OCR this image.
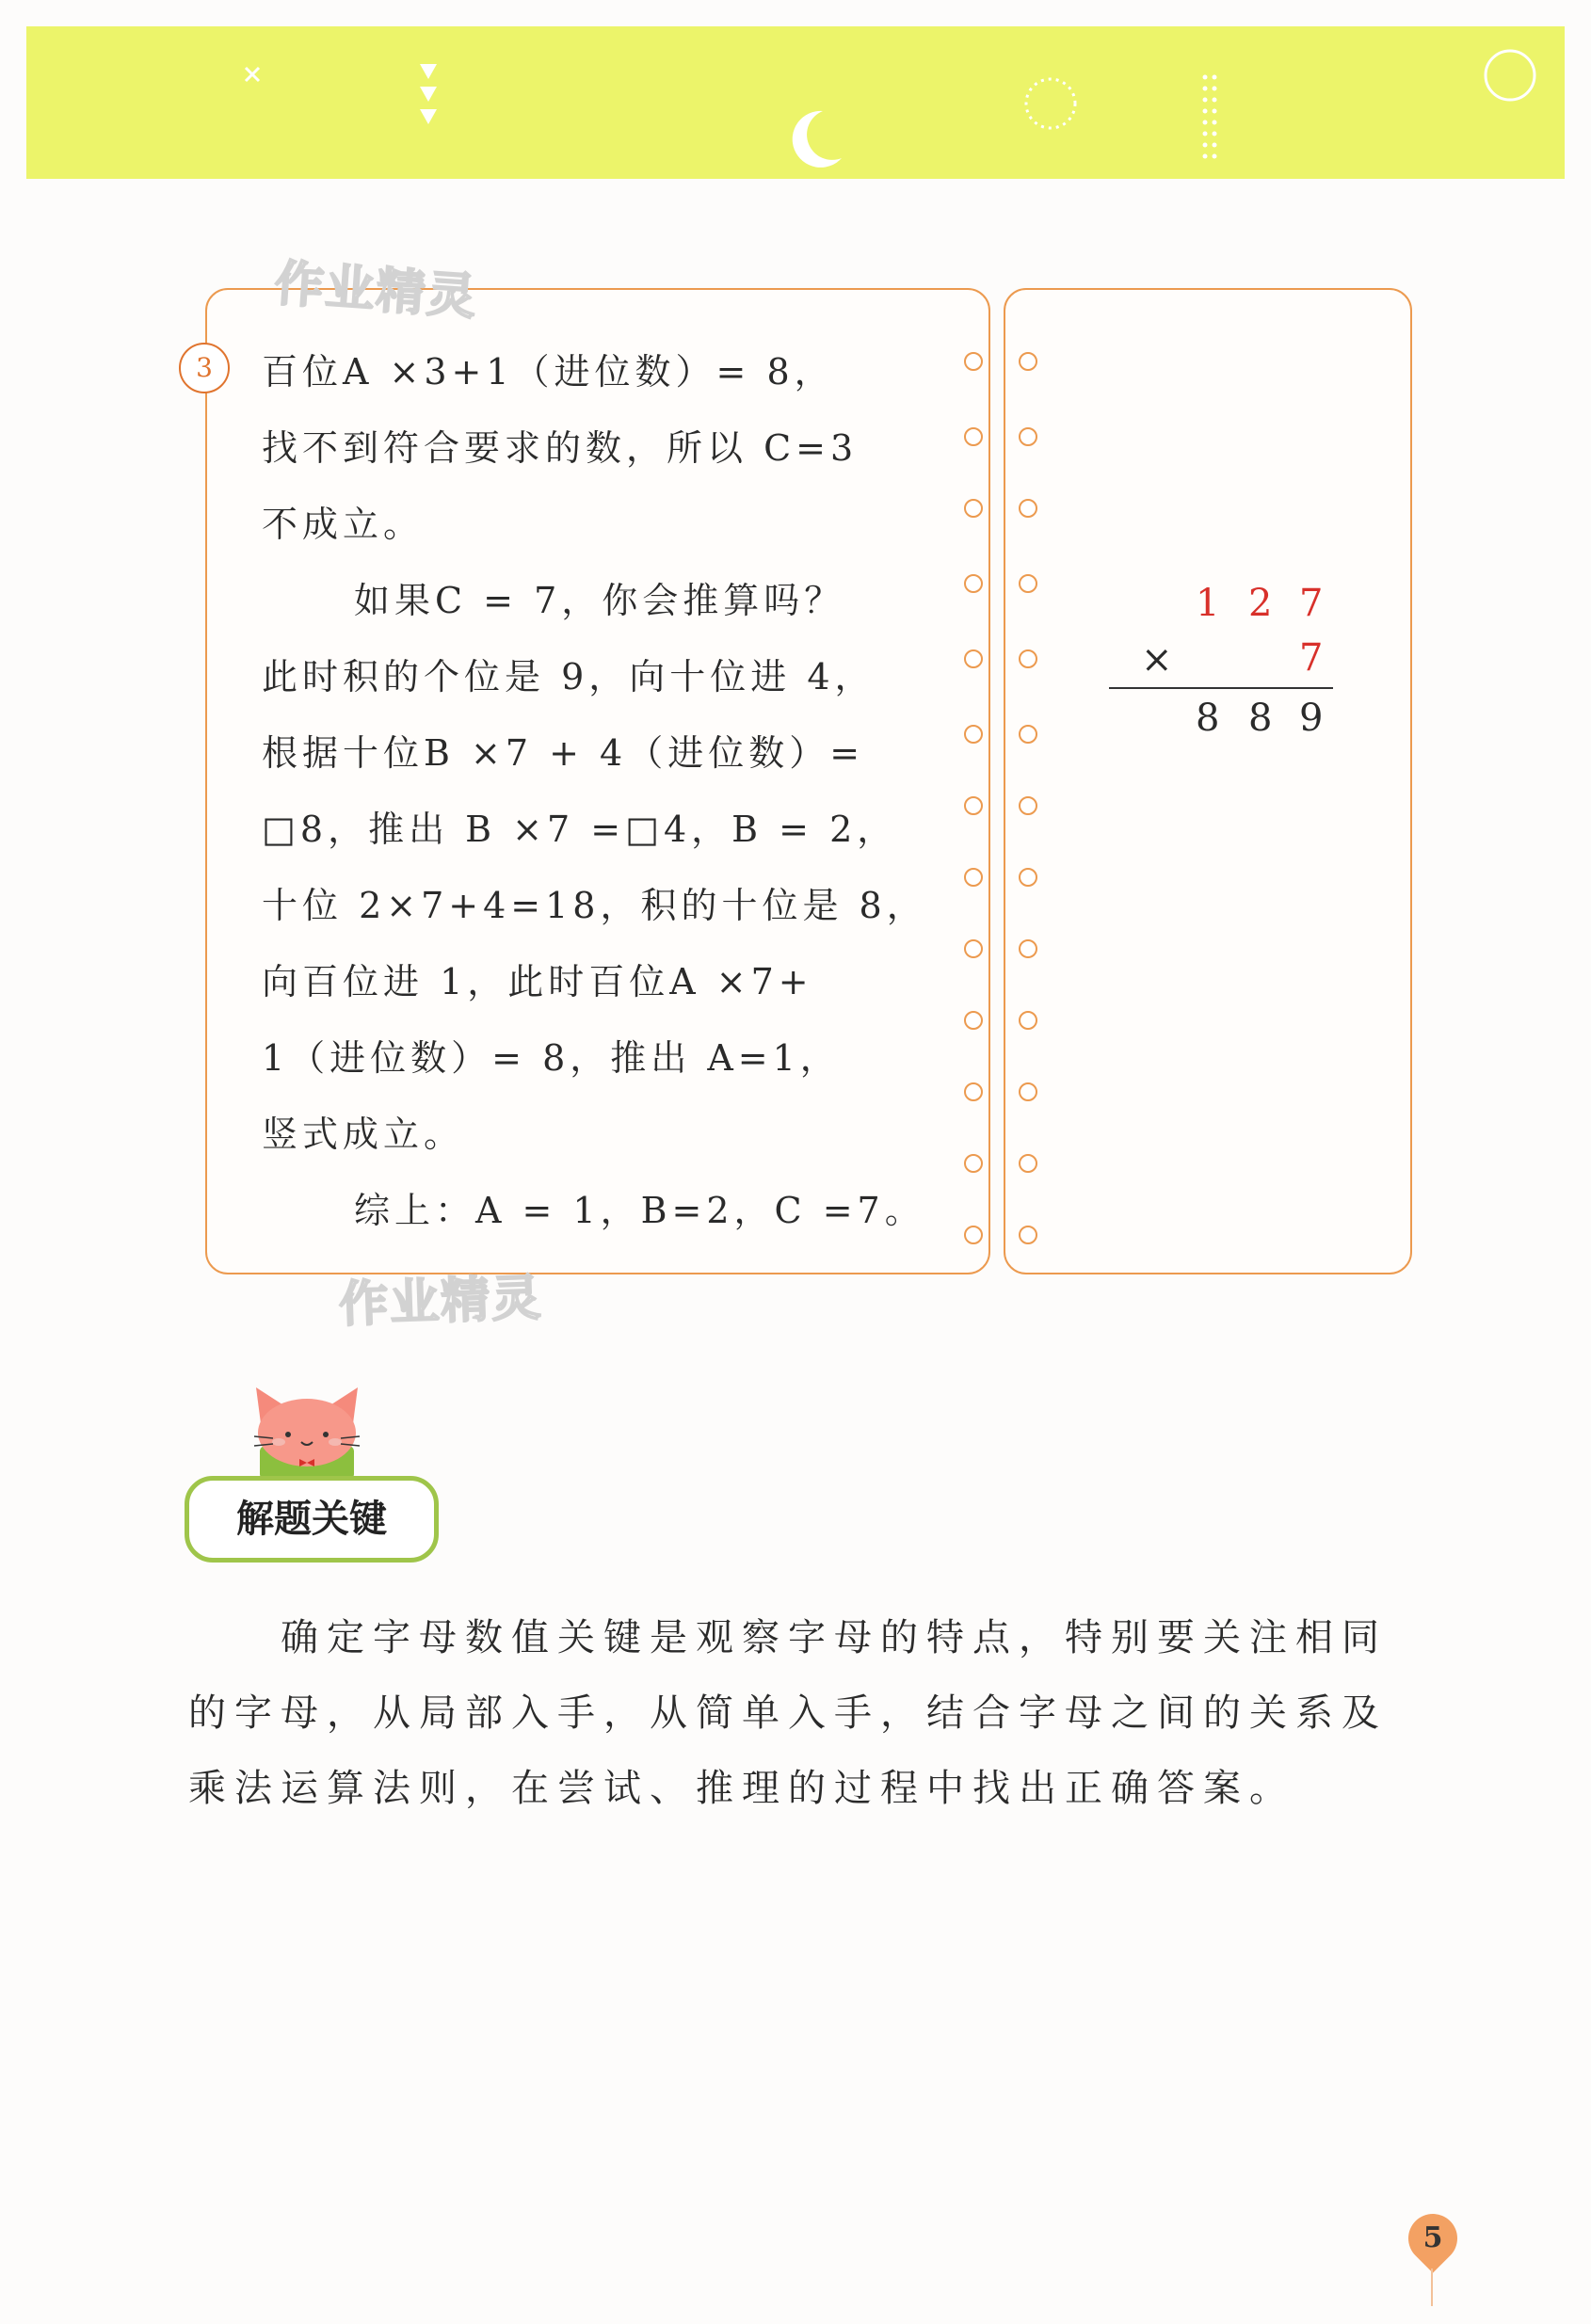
作业精灵
作业精灵
3	百位A ×3+1（进位数）= 8，

找不到符合要求的数，所以 C=3

不成立。

如果C = 7，你会推算吗？

此时积的个位是 9，向十位进 4，

根据十位B ×7 + 4（进位数）=

□8，推出 B ×7 =□4，B = 2，

十位 2×7+4=18，积的十位是 8，

向百位进 1，此时百位A ×7+

1（进位数）= 8，推出 A=1，

竖式成立。

综上：A = 1，B=2，C =7。

1 2 7
×	7
8 8 9
解题关键

确定字母数值关键是观察字母的特点，特别要关注相同

的字母，从局部入手，从简单入手，结合字母之间的关系及

乘法运算法则，在尝试、推理的过程中找出正确答案。

5
